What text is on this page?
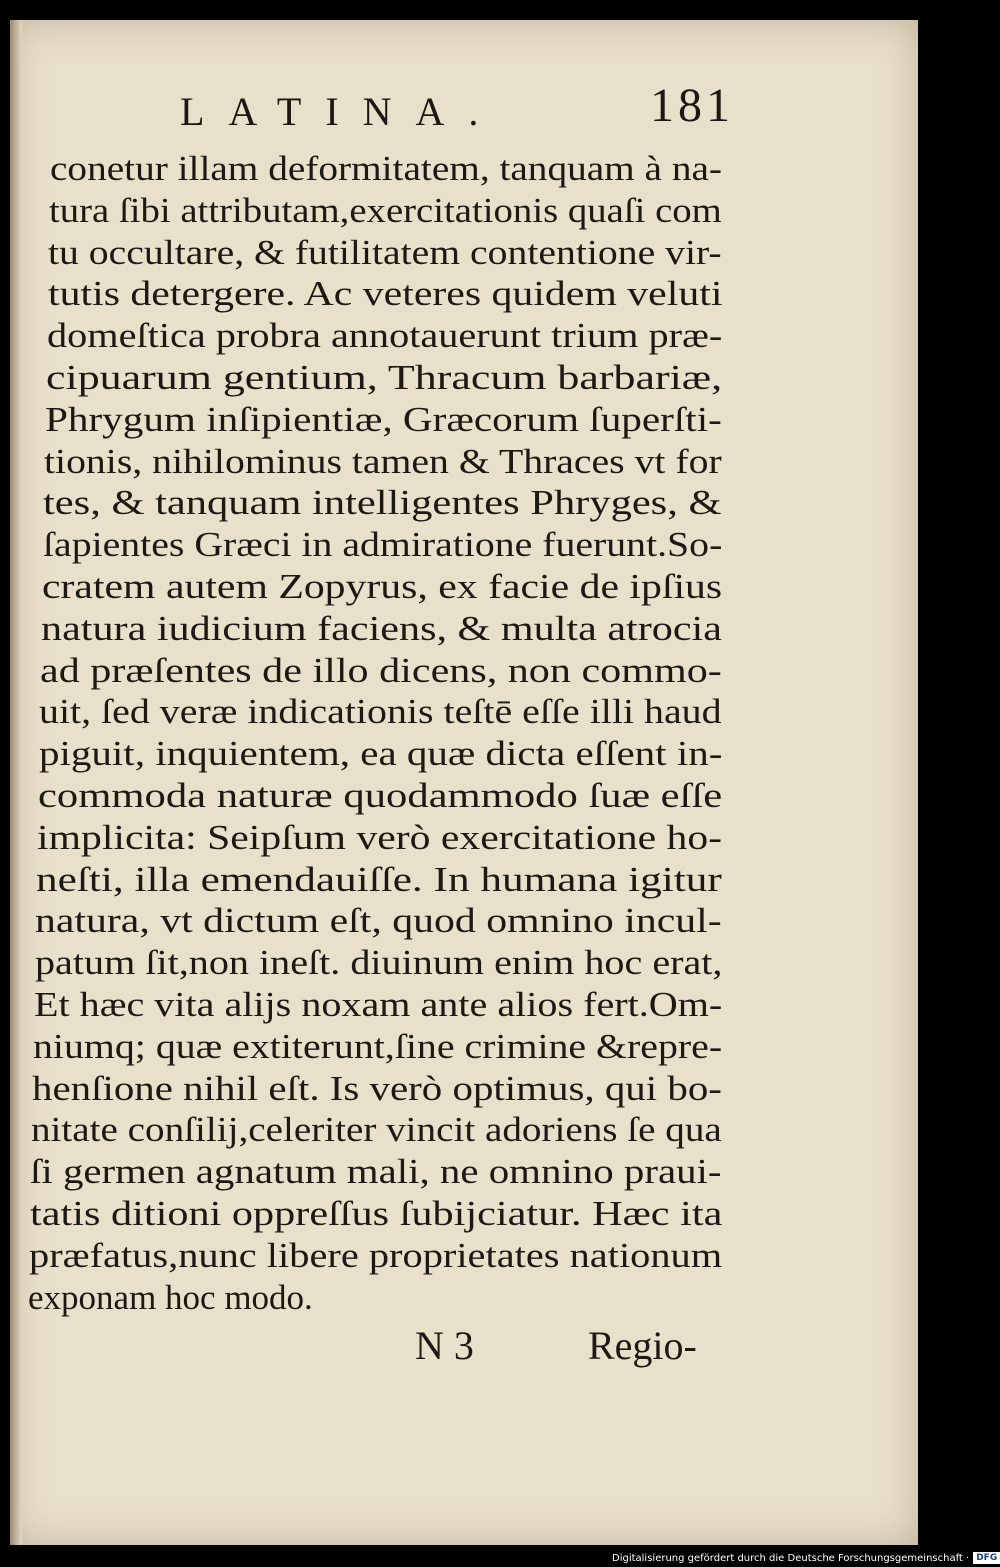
LATINA.	181
conetur illam deformitatem, tanquam à na-
tura ſibi attributam,exercitationis quaſi com
tu occultare, & futilitatem contentione vir-
tutis detergere. Ac veteres quidem veluti
domeſtica probra annotauerunt trium præ-
cipuarum gentium, Thracum barbariæ,
Phrygum inſipientiæ, Græcorum ſuperſti-
tionis, nihilominus tamen & Thraces vt for
tes, & tanquam intelligentes Phryges, &
ſapientes Græci in admiratione fuerunt.So-
cratem autem Zopyrus, ex facie de ipſius
natura iudicium faciens, & multa atrocia
ad præſentes de illo dicens, non commo-
uit, ſed veræ indicationis teſtē eſſe illi haud
piguit, inquientem, ea quæ dicta eſſent in-
commoda naturæ quodammodo ſuæ eſſe
implicita: Seipſum verò exercitatione ho-
neſti, illa emendauiſſe. In humana igitur
natura, vt dictum eſt, quod omnino incul-
patum ſit,non ineſt. diuinum enim hoc erat,
Et hæc vita alijs noxam ante alios fert.Om-
niumq; quæ extiterunt,ſine crimine &repre-
henſione nihil eſt. Is verò optimus, qui bo-
nitate conſilij,celeriter vincit adoriens ſe qua
ſi germen agnatum mali, ne omnino praui-
tatis ditioni oppreſſus ſubijciatur. Hæc ita
præfatus,nunc libere proprietates nationum
exponam hoc modo.
N 3	Regio-
Digitalisierung gefördert durch die Deutsche Forschungsgemeinschaft · DFG
